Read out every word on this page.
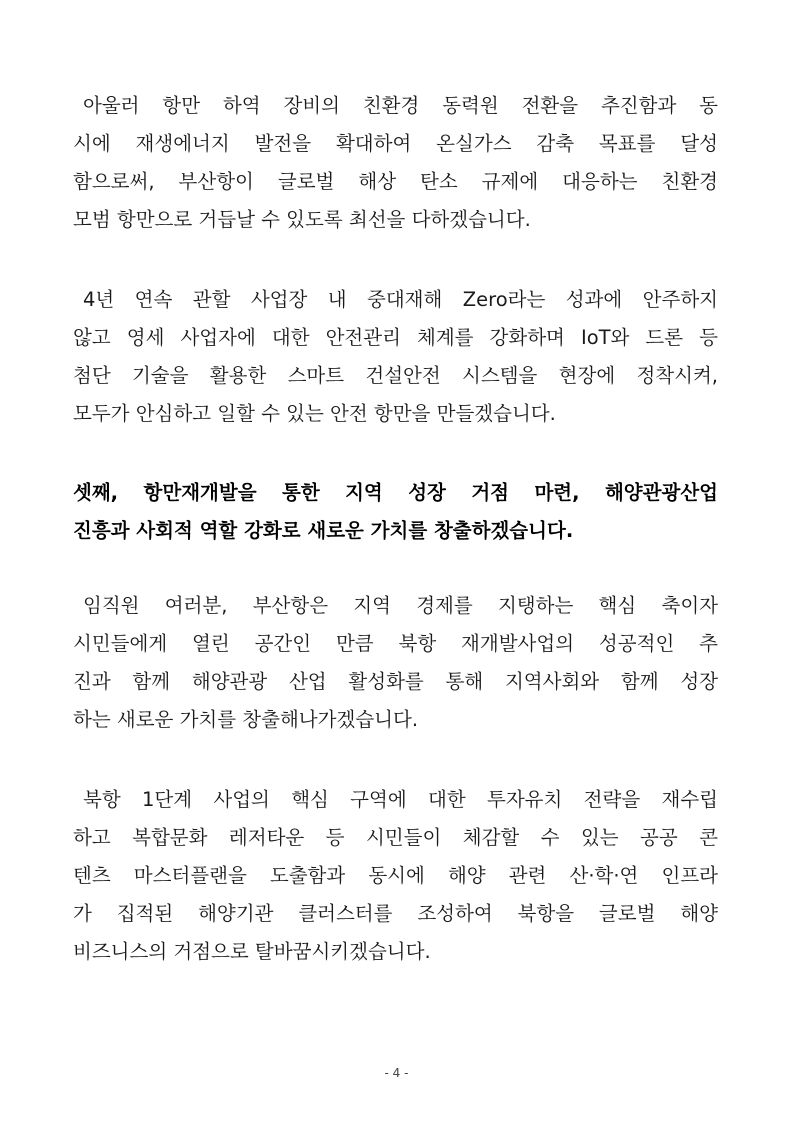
아울러 항만 하역 장비의 친환경 동력원 전환을 추진함과 동
시에 재생에너지 발전을 확대하여 온실가스 감축 목표를 달성
함으로써, 부산항이 글로벌 해상 탄소 규제에 대응하는 친환경
모범 항만으로 거듭날 수 있도록 최선을 다하겠습니다.
4년 연속 관할 사업장 내 중대재해 Zero라는 성과에 안주하지
않고 영세 사업자에 대한 안전관리 체계를 강화하며 IoT와 드론 등
첨단 기술을 활용한 스마트 건설안전 시스템을 현장에 정착시켜,
모두가 안심하고 일할 수 있는 안전 항만을 만들겠습니다.
셋째, 항만재개발을 통한 지역 성장 거점 마련, 해양관광산업
진흥과 사회적 역할 강화로 새로운 가치를 창출하겠습니다.
임직원 여러분, 부산항은 지역 경제를 지탱하는 핵심 축이자
시민들에게 열린 공간인 만큼 북항 재개발사업의 성공적인 추
진과 함께 해양관광 산업 활성화를 통해 지역사회와 함께 성장
하는 새로운 가치를 창출해나가겠습니다.
북항 1단계 사업의 핵심 구역에 대한 투자유치 전략을 재수립
하고 복합문화 레저타운 등 시민들이 체감할 수 있는 공공 콘
텐츠 마스터플랜을 도출함과 동시에 해양 관련 산·학·연 인프라
가 집적된 해양기관 클러스터를 조성하여 북항을 글로벌 해양
비즈니스의 거점으로 탈바꿈시키겠습니다.
- 4 -
